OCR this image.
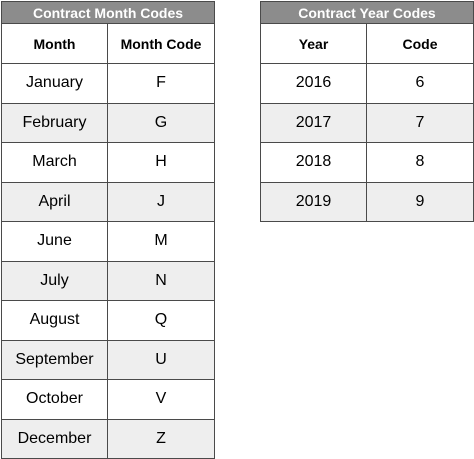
Contract Month Codes	
Month	Month Code
January	F
February	G
March	H
April	J
June	M
July	N
August	Q
September	U
October	V
December	Z
Contract Year Codes	
Year	Code
2016	6
2017	7
2018	8
2019	9
